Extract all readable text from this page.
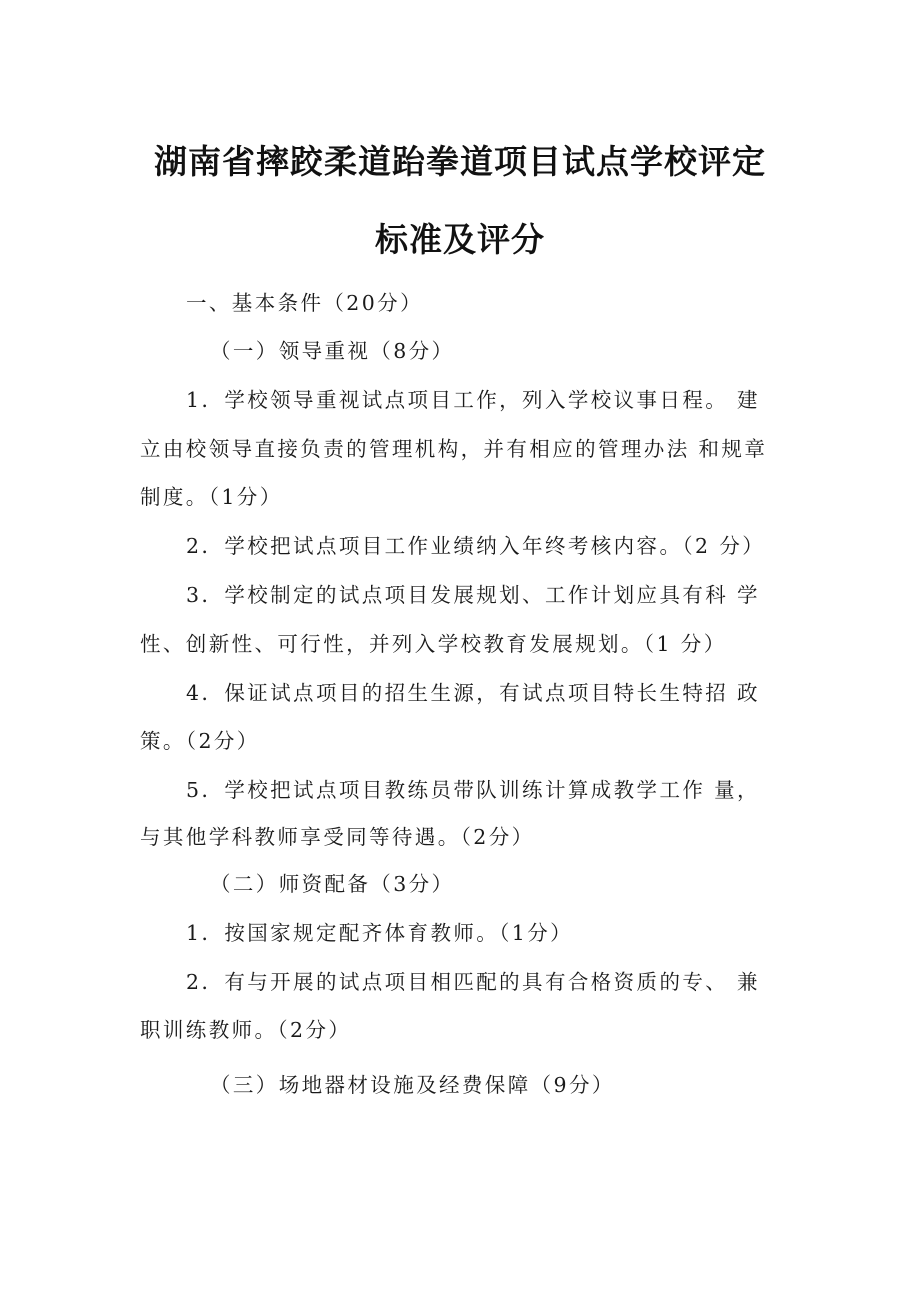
湖南省摔跤柔道跆拳道项目试点学校评定
标准及评分
一、基本条件（20分）
（一）领导重视（8分）
1．学校领导重视试点项目工作，列入学校议事日程。 建
立由校领导直接负责的管理机构，并有相应的管理办法 和规章
制度。（1分）
2．学校把试点项目工作业绩纳入年终考核内容。（2 分）
3．学校制定的试点项目发展规划、工作计划应具有科 学
性、创新性、可行性，并列入学校教育发展规划。（1 分）
4．保证试点项目的招生生源，有试点项目特长生特招 政
策。（2分）
5．学校把试点项目教练员带队训练计算成教学工作 量，
与其他学科教师享受同等待遇。（2分）
（二）师资配备（3分）
1．按国家规定配齐体育教师。（1分）
2．有与开展的试点项目相匹配的具有合格资质的专、 兼
职训练教师。（2分）
（三）场地器材设施及经费保障（9分）
